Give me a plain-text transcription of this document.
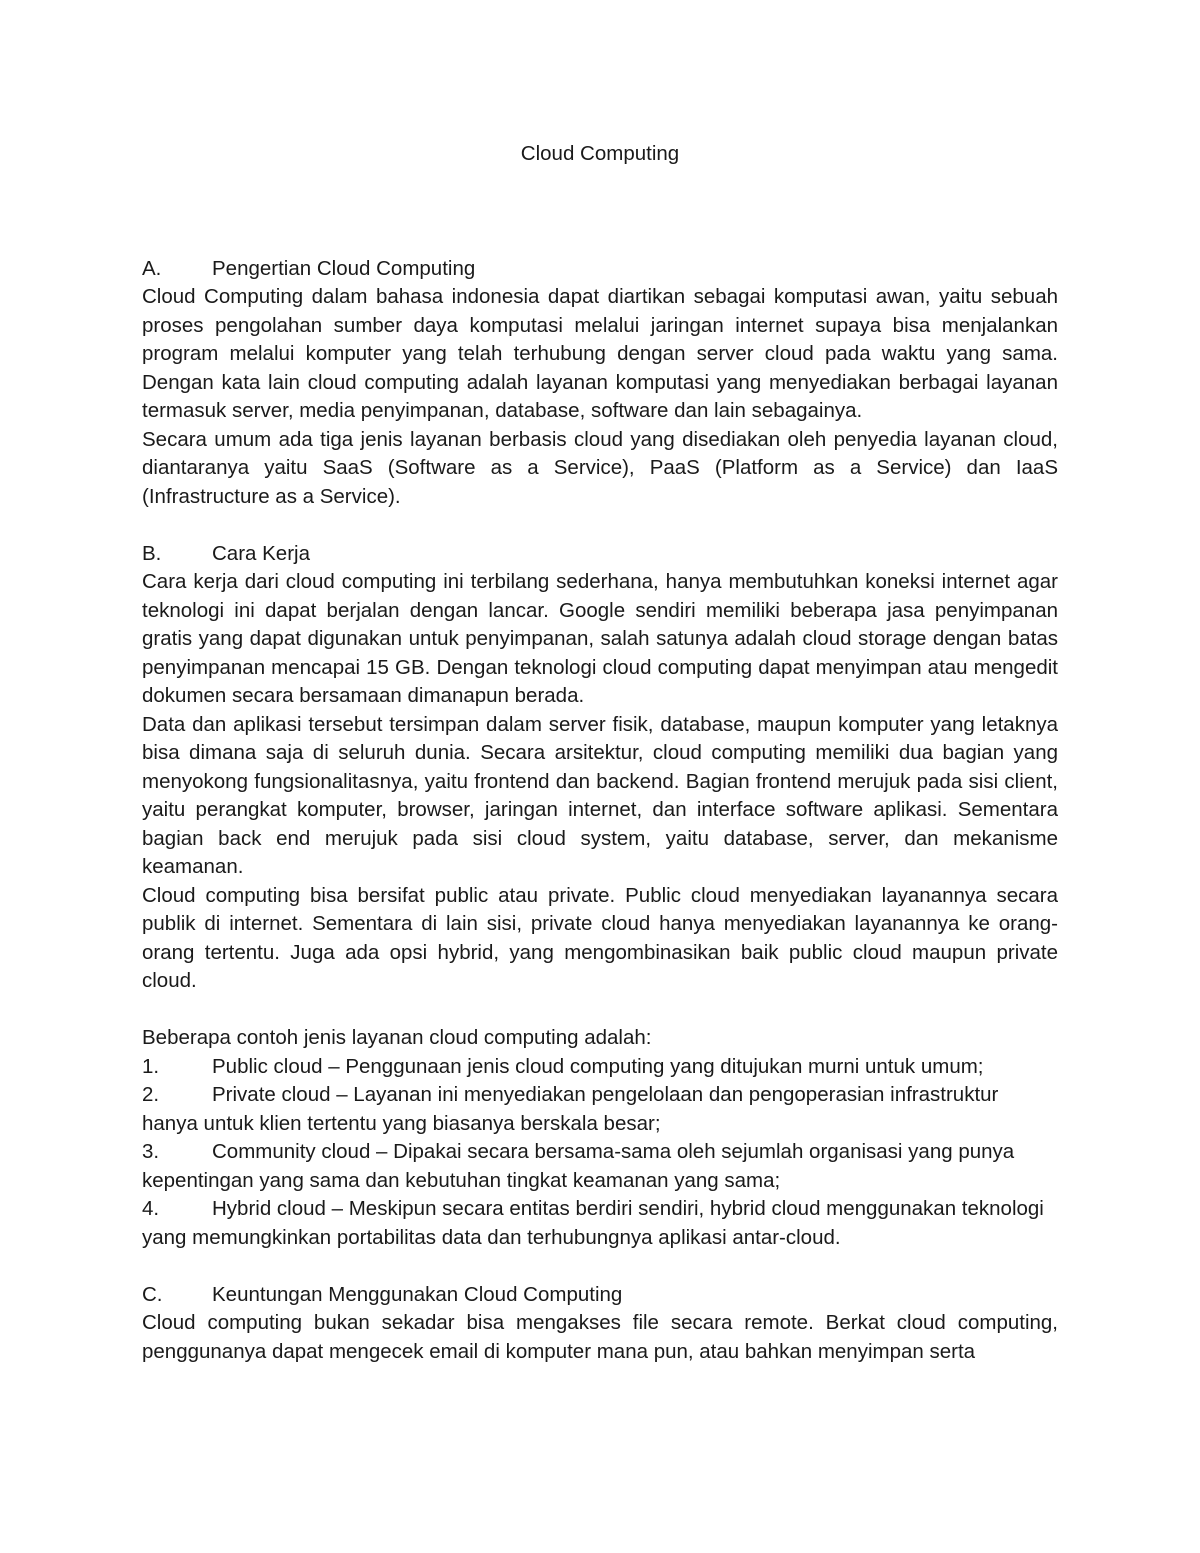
Cloud Computing
A.	Pengertian Cloud Computing

Cloud Computing dalam bahasa indonesia dapat diartikan sebagai komputasi awan, yaitu sebuah proses pengolahan sumber daya komputasi melalui jaringan internet supaya bisa menjalankan program melalui komputer yang telah terhubung dengan server cloud pada waktu yang sama. Dengan kata lain cloud computing adalah layanan komputasi yang menyediakan berbagai layanan termasuk server, media penyimpanan, database, software dan lain sebagainya.

Secara umum ada tiga jenis layanan berbasis cloud yang disediakan oleh penyedia layanan cloud, diantaranya yaitu SaaS (Software as a Service), PaaS (Platform as a Service) dan IaaS (Infrastructure as a Service).

B.	Cara Kerja

Cara kerja dari cloud computing ini terbilang sederhana, hanya membutuhkan koneksi internet agar teknologi ini dapat berjalan dengan lancar. Google sendiri memiliki beberapa jasa penyimpanan gratis yang dapat digunakan untuk penyimpanan, salah satunya adalah cloud storage dengan batas penyimpanan mencapai 15 GB. Dengan teknologi cloud computing dapat menyimpan atau mengedit dokumen secara bersamaan dimanapun berada.

Data dan aplikasi tersebut tersimpan dalam server fisik, database, maupun komputer yang letaknya bisa dimana saja di seluruh dunia. Secara arsitektur, cloud computing memiliki dua bagian yang menyokong fungsionalitasnya, yaitu frontend dan backend. Bagian frontend merujuk pada sisi client, yaitu perangkat komputer, browser, jaringan internet, dan interface software aplikasi. Sementara bagian back end merujuk pada sisi cloud system, yaitu database, server, dan mekanisme keamanan.

Cloud computing bisa bersifat public atau private. Public cloud menyediakan layanannya secara publik di internet. Sementara di lain sisi, private cloud hanya menyediakan layanannya ke orang-orang tertentu. Juga ada opsi hybrid, yang mengombinasikan baik public cloud maupun private cloud.

Beberapa contoh jenis layanan cloud computing adalah:

1.	Public cloud – Penggunaan jenis cloud computing yang ditujukan murni untuk umum;

2.	Private cloud – Layanan ini menyediakan pengelolaan dan pengoperasian infrastruktur hanya untuk klien tertentu yang biasanya berskala besar;

3.	Community cloud – Dipakai secara bersama-sama oleh sejumlah organisasi yang punya kepentingan yang sama dan kebutuhan tingkat keamanan yang sama;

4.	Hybrid cloud – Meskipun secara entitas berdiri sendiri, hybrid cloud menggunakan teknologi yang memungkinkan portabilitas data dan terhubungnya aplikasi antar-cloud.

C.	Keuntungan Menggunakan Cloud Computing

Cloud computing bukan sekadar bisa mengakses file secara remote. Berkat cloud computing, penggunanya dapat mengecek email di komputer mana pun, atau bahkan menyimpan serta
